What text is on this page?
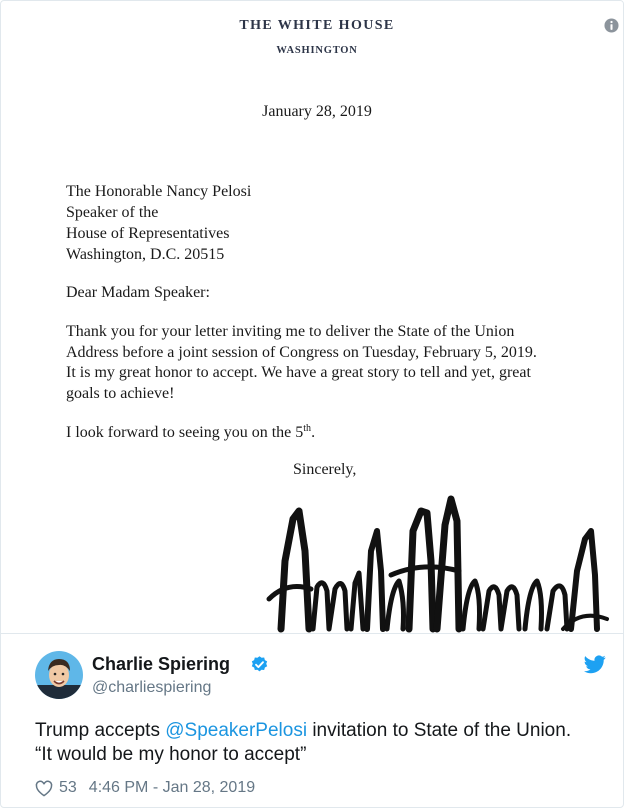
THE WHITE HOUSE
WASHINGTON
January 28, 2019
The Honorable Nancy Pelosi
Speaker of the
House of Representatives
Washington, D.C. 20515
Dear Madam Speaker:
Thank you for your letter inviting me to deliver the State of the Union
Address before a joint session of Congress on Tuesday, February 5, 2019.
It is my great honor to accept. We have a great story to tell and yet, great
goals to achieve!
I look forward to seeing you on the 5th.
Sincerely,
Charlie Spiering
@charliespiering
Trump accepts @SpeakerPelosi invitation to State of the Union.
“It would be my honor to accept”
53 4:46 PM - Jan 28, 2019
